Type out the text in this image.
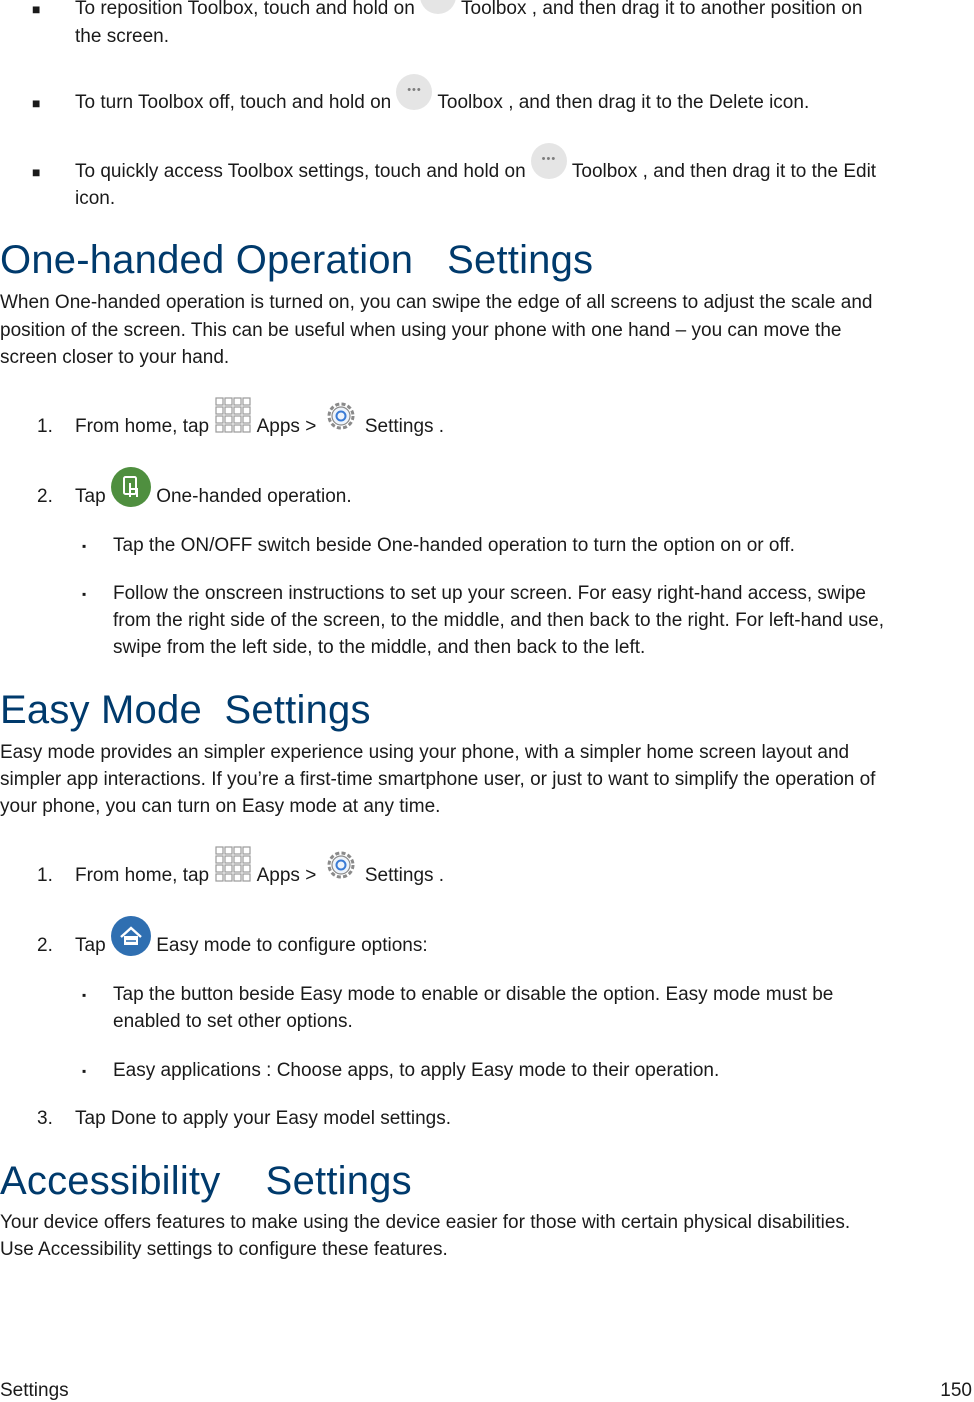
■ To reposition Toolbox, touch and hold on ••• Toolbox , and then drag it to another position on
the screen.
■ To turn Toolbox off, touch and hold on ••• Toolbox , and then drag it to the Delete icon.
■ To quickly access Toolbox settings, touch and hold on ••• Toolbox , and then drag it to the Edit
icon.
One-handed Operation   Settings
When One-handed operation is turned on, you can swipe the edge of all screens to adjust the scale and
position of the screen. This can be useful when using your phone with one hand – you can move the
screen closer to your hand.
1. From home, tap  Apps >  Settings .
2. Tap
One-handed operation.
▪ Tap the ON/OFF switch beside One-handed operation to turn the option on or off.
▪ Follow the onscreen instructions to set up your screen. For easy right-hand access, swipe
from the right side of the screen, to the middle, and then back to the right. For left-hand use,
swipe from the left side, to the middle, and then back to the left.
Easy Mode  Settings
Easy mode provides an simpler experience using your phone, with a simpler home screen layout and
simpler app interactions. If you’re a first-time smartphone user, or just to want to simplify the operation of
your phone, you can turn on Easy mode at any time.
1. From home, tap  Apps >  Settings .
2. Tap
Easy mode to configure options:
▪ Tap the button beside Easy mode to enable or disable the option. Easy mode must be
enabled to set other options.
▪ Easy applications : Choose apps, to apply Easy mode to their operation.
3. Tap Done to apply your Easy model settings.
Accessibility    Settings
Your device offers features to make using the device easier for those with certain physical disabilities.
Use Accessibility settings to configure these features.
Settings	150
